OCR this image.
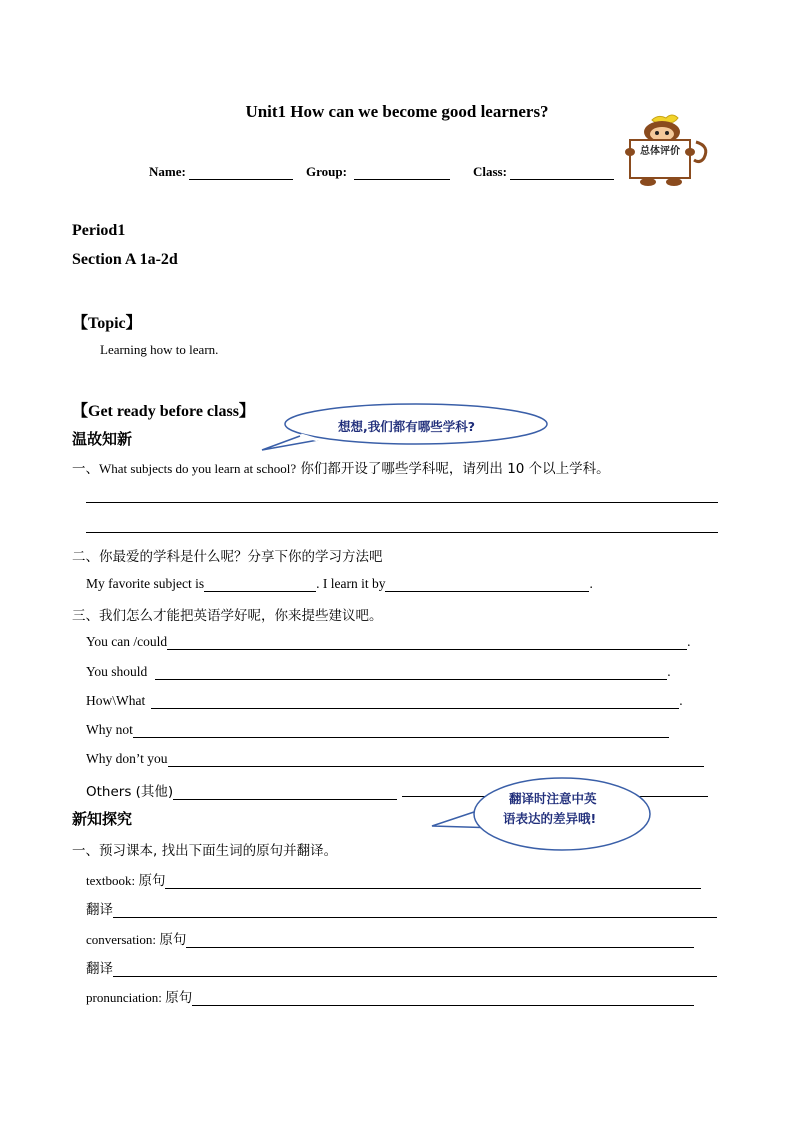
Unit1 How can we become good learners?
Name:	Group:	Class:
总体评价
Period1
Section A 1a-2d
【Topic】
Learning how to learn.
【Get ready before class】
想想,我们都有哪些学科?
温故知新
一、What subjects do you learn at school? 你们都开设了哪些学科呢，请列出 10 个以上学科。
二、你最爱的学科是什么呢？分享下你的学习方法吧
My favorite subject is	. I learn it by	.
三、我们怎么才能把英语学好呢，你来提些建议吧。
You can /could	.
You should	.
How\What	.
Why not
Why don’t you
Others (其他)	翻译时注意中英
语表达的差异哦!
新知探究
一、预习课本, 找出下面生词的原句并翻译。
textbook: 原句
翻译
conversation: 原句
翻译
pronunciation: 原句
